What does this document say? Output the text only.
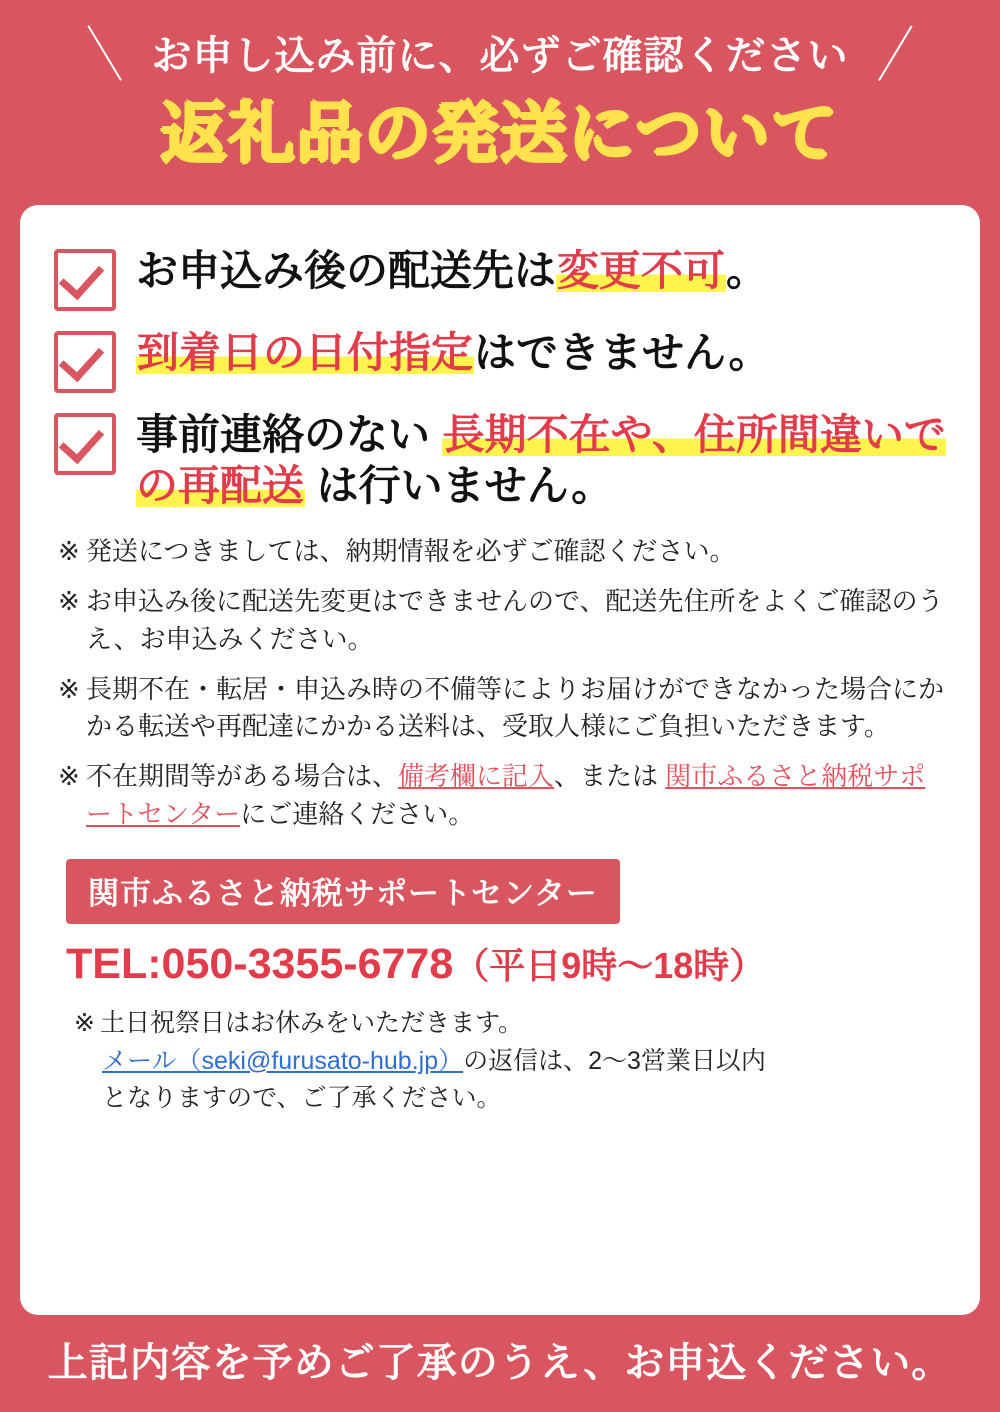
＼ お申し込み前に、必ずご確認ください ／
返礼品の発送について
お申込み後の配送先は変更不可。
到着日の日付指定はできません。
事前連絡のない 長期不在や、住所間違いでの再配送 は行いません。
※ 発送につきましては、納期情報を必ずご確認ください。
※ お申込み後に配送先変更はできませんので、配送先住所をよくご確認のうえ、お申込みください。
※ 長期不在・転居・申込み時の不備等によりお届けができなかった場合にかかる転送や再配達にかかる送料は、受取人様にご負担いただきます。
※ 不在期間等がある場合は、備考欄に記入、または 関市ふるさと納税サポートセンターにご連絡ください。
関市ふるさと納税サポートセンター
TEL:050-3355-6778（平日9時〜18時）
※ 土日祝祭日はお休みをいただきます。
メール（seki@furusato-hub.jp）の返信は、2〜3営業日以内
となりますので、ご了承ください。
上記内容を予めご了承のうえ、お申込ください。
